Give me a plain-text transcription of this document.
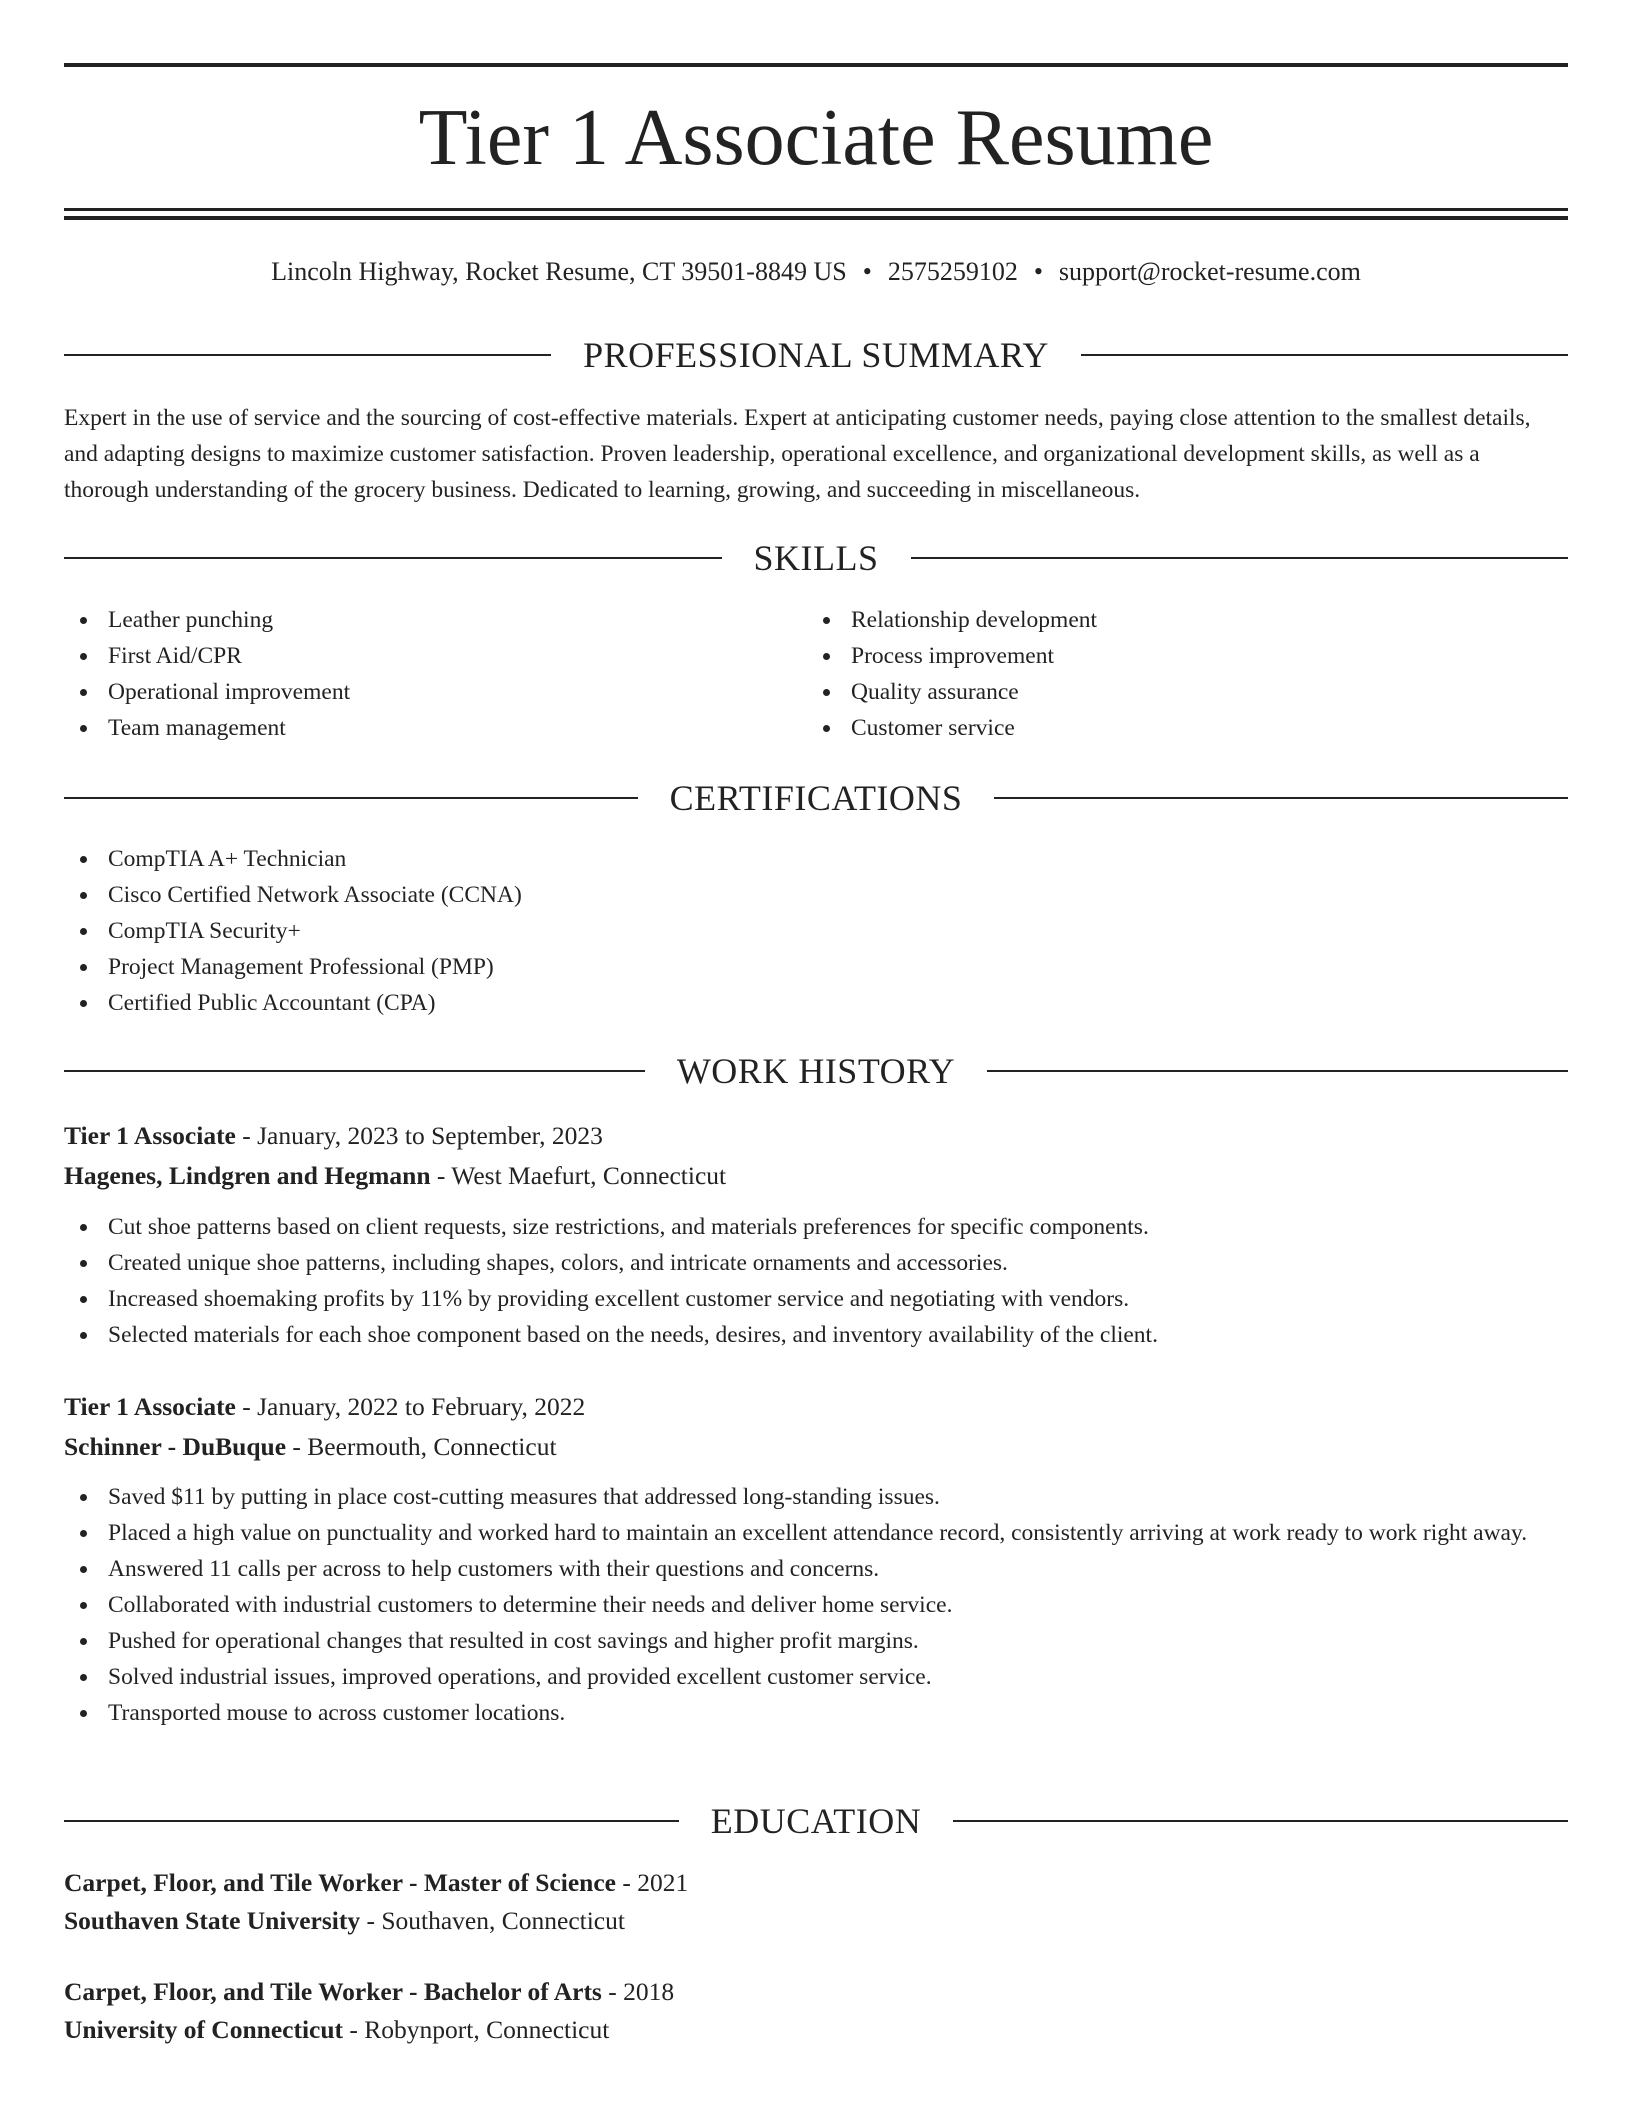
Tier 1 Associate Resume
Lincoln Highway, Rocket Resume, CT 39501-8849 US • 2575259102 • support@rocket-resume.com
PROFESSIONAL SUMMARY

Expert in the use of service and the sourcing of cost-effective materials. Expert at anticipating customer needs, paying close attention to the smallest details, and adapting designs to maximize customer satisfaction. Proven leadership, operational excellence, and organizational development skills, as well as a thorough understanding of the grocery business. Dedicated to learning, growing, and succeeding in miscellaneous.

SKILLS
Leather punching
First Aid/CPR
Operational improvement
Team management
Relationship development
Process improvement
Quality assurance
Customer service
CERTIFICATIONS
CompTIA A+ Technician
Cisco Certified Network Associate (CCNA)
CompTIA Security+
Project Management Professional (PMP)
Certified Public Accountant (CPA)
WORK HISTORY
Tier 1 Associate - January, 2023 to September, 2023
Hagenes, Lindgren and Hegmann - West Maefurt, Connecticut
Cut shoe patterns based on client requests, size restrictions, and materials preferences for specific components.
Created unique shoe patterns, including shapes, colors, and intricate ornaments and accessories.
Increased shoemaking profits by 11% by providing excellent customer service and negotiating with vendors.
Selected materials for each shoe component based on the needs, desires, and inventory availability of the client.
Tier 1 Associate - January, 2022 to February, 2022
Schinner - DuBuque - Beermouth, Connecticut
Saved $11 by putting in place cost-cutting measures that addressed long-standing issues.
Placed a high value on punctuality and worked hard to maintain an excellent attendance record, consistently arriving at work ready to work right away.
Answered 11 calls per across to help customers with their questions and concerns.
Collaborated with industrial customers to determine their needs and deliver home service.
Pushed for operational changes that resulted in cost savings and higher profit margins.
Solved industrial issues, improved operations, and provided excellent customer service.
Transported mouse to across customer locations.
EDUCATION
Carpet, Floor, and Tile Worker - Master of Science - 2021
Southaven State University - Southaven, Connecticut
Carpet, Floor, and Tile Worker - Bachelor of Arts - 2018
University of Connecticut - Robynport, Connecticut
